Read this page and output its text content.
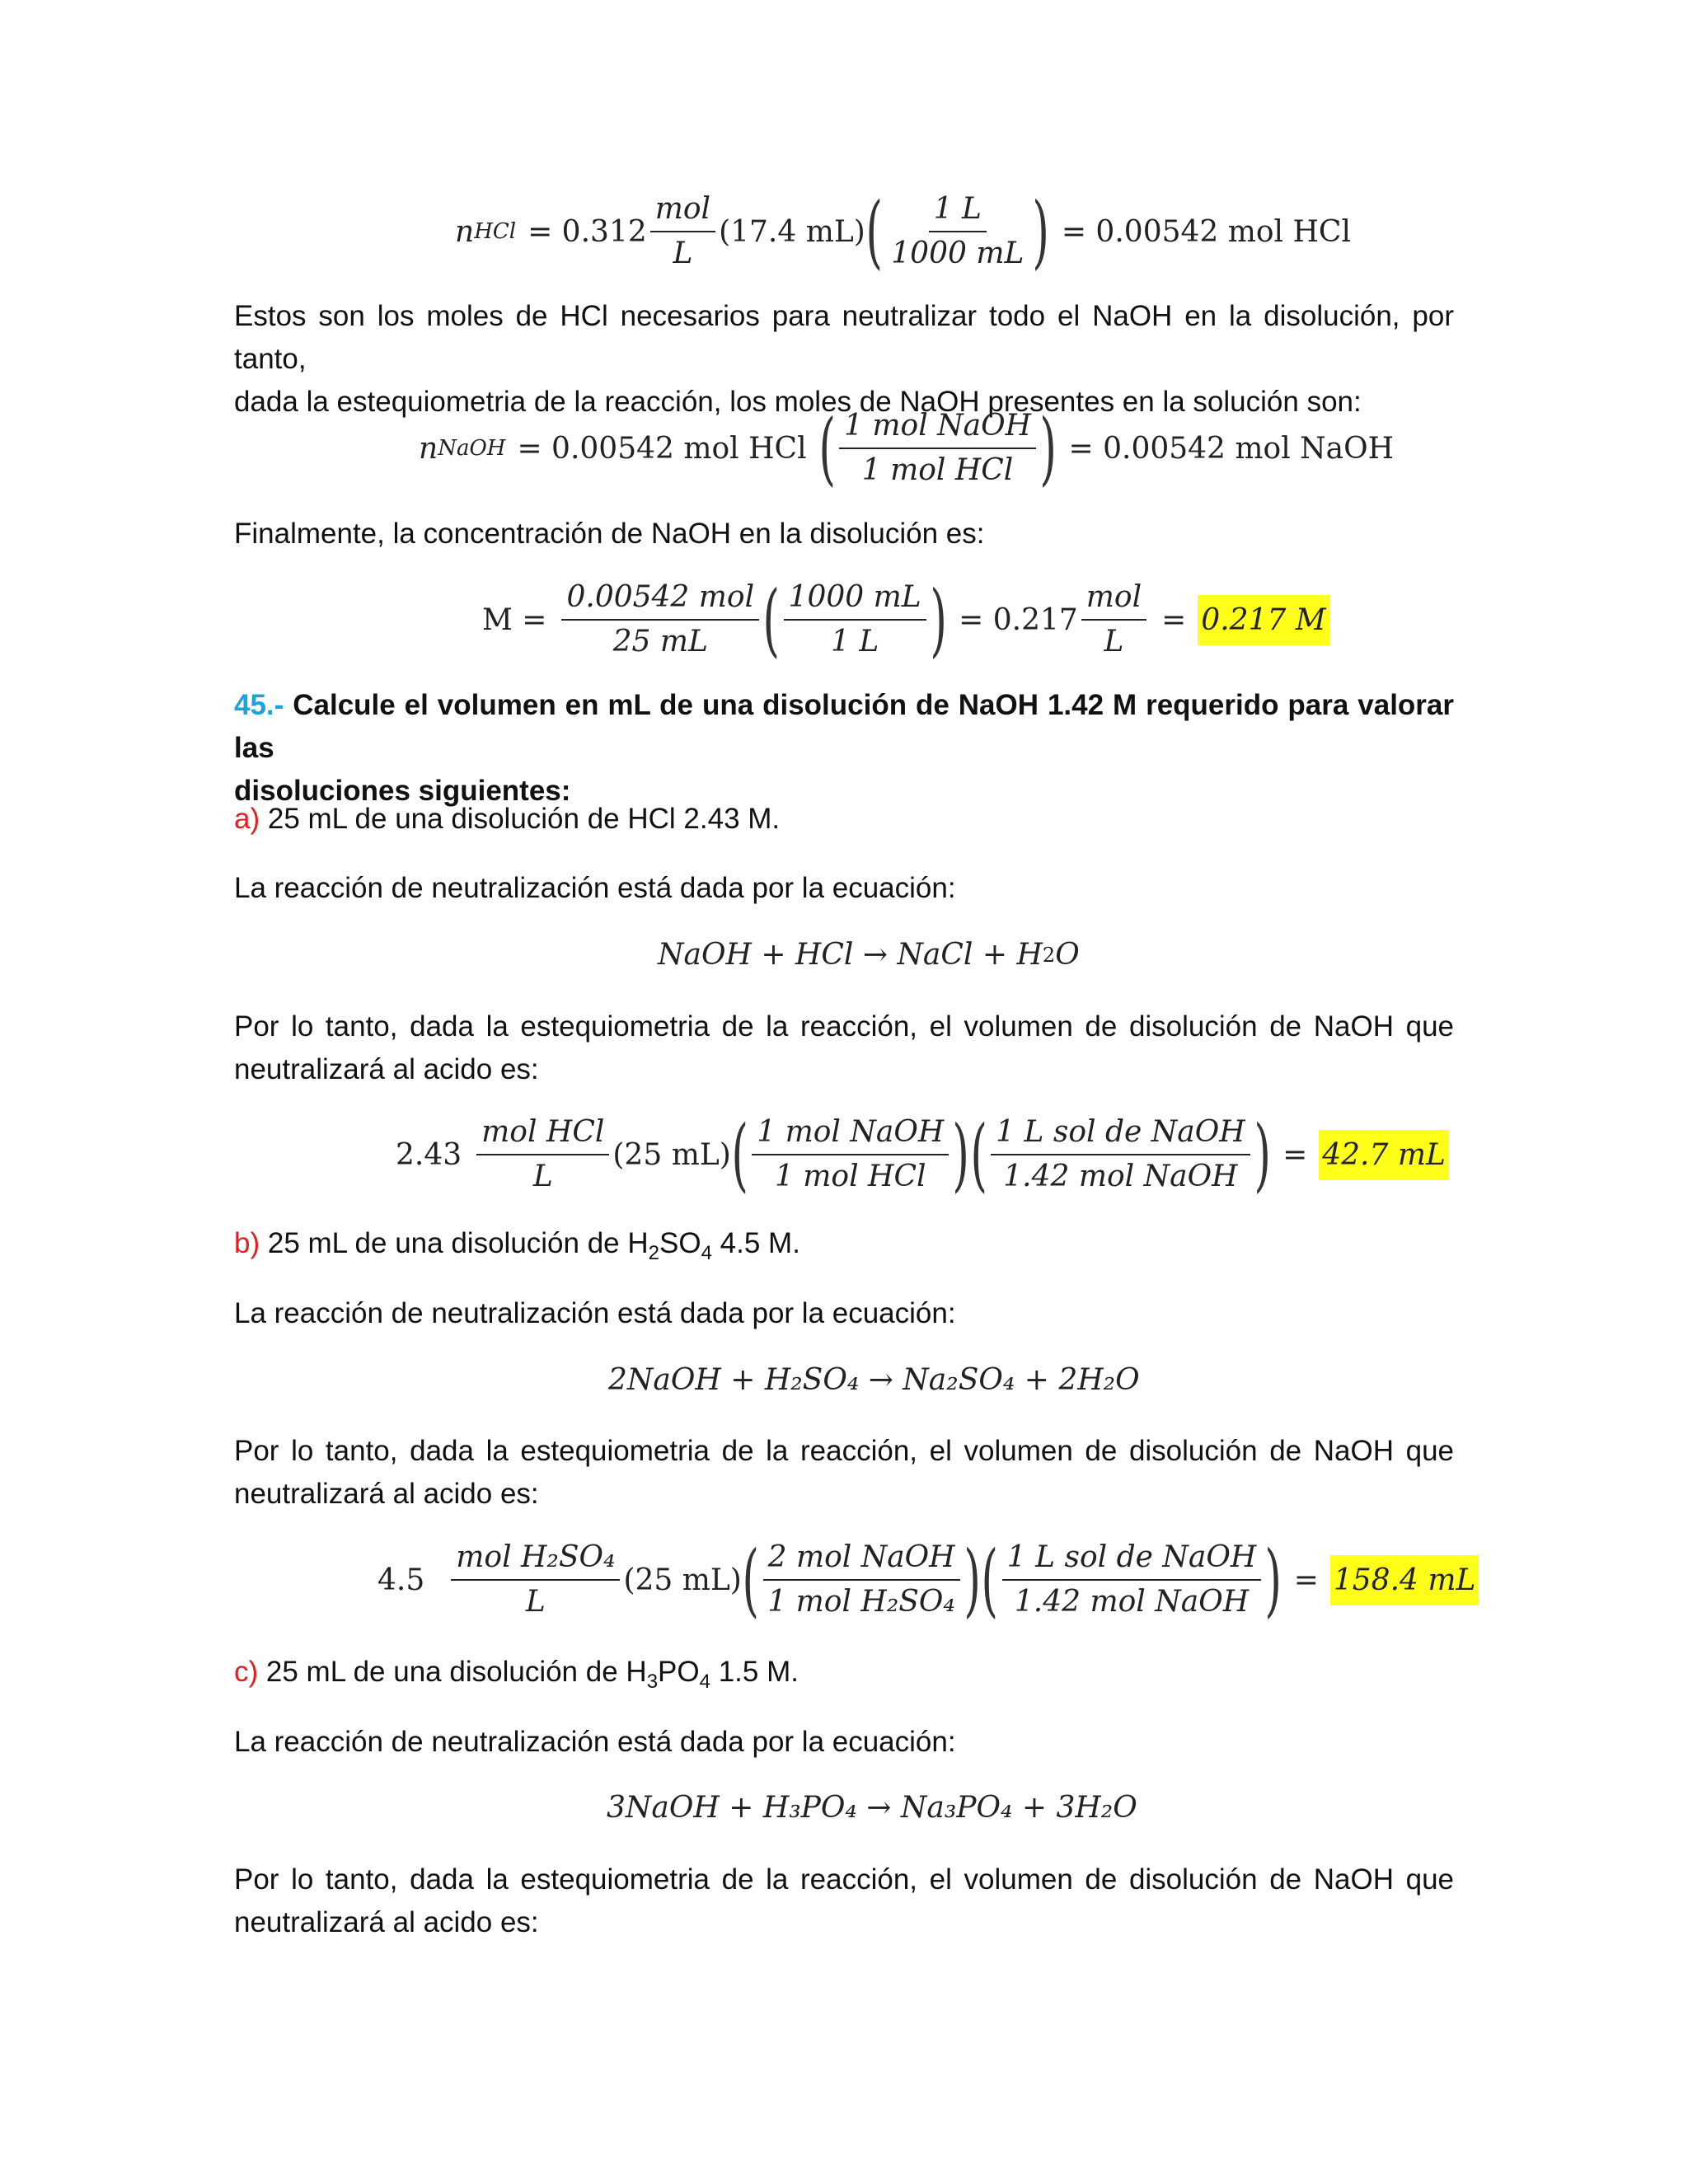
n HCl = $0.312 \frac{\text{mol}}{L} (17.4$ mL) ( $\frac{1 L}{1000 mL}$ ) = 0.00542 mol HCl
Estos son los moles de HCl necesarios para neutralizar todo el NaOH en la disolución, por tanto,
dada la estequiometria de la reacción, los moles de NaOH presentes en la solución son:
n NaOH = 0.00542 mol HCl ( $\frac{\text{1 mol NaOH}}{\text{1 mol HCl}}$ ) = 0.00542 mol NaOH
Finalmente, la concentración de NaOH en la disolución es:
$M = \frac{\text{0.00542 mol}}{25 mL}$ ( $\frac{1000 mL}{1 L}$ ) = $0.217 \frac{\text{mol}}{L} = 0.217$ M
45.- Calcule el volumen en mL de una disolución de NaOH 1.42 M requerido para valorar las
disoluciones siguientes:
a) 25 mL de una disolución de HCl 2.43 M.
La reacción de neutralización está dada por la ecuación:
NaOH + HCl → NaCl + H 2 O
Por lo tanto, dada la estequiometria de la reacción, el volumen de disolución de NaOH que
neutralizará al acido es:
$2.43 \frac{\text{mol HCl}}{L} (25$ mL) ( $\frac{\text{1 mol NaOH}}{\text{1 mol HCl}}$ ) ( $\frac{\text{1 L sol de NaOH}}{\text{1.42 mol NaOH}}$ ) = 42.7 mL
b) 25 mL de una disolución de $H_2SO_4$ 4.5 M.
La reacción de neutralización está dada por la ecuación:
2NaOH + H₂SO₄ → Na₂SO₄ + 2H₂O
Por lo tanto, dada la estequiometria de la reacción, el volumen de disolución de NaOH que
neutralizará al acido es:
$4.5 \frac{\text{mol H₂SO₄}}{L} (25$ mL) ( $\frac{\text{2 mol NaOH}}{\text{1 mol H₂SO₄}}$ ) ( $\frac{\text{1 L sol de NaOH}}{\text{1.42 mol NaOH}}$ ) = 158.4 mL
c) 25 mL de una disolución de $H_3PO_4$ 1.5 M.
La reacción de neutralización está dada por la ecuación:
3NaOH + H₃PO₄ → Na₃PO₄ + 3H₂O
Por lo tanto, dada la estequiometria de la reacción, el volumen de disolución de NaOH que
neutralizará al acido es:
